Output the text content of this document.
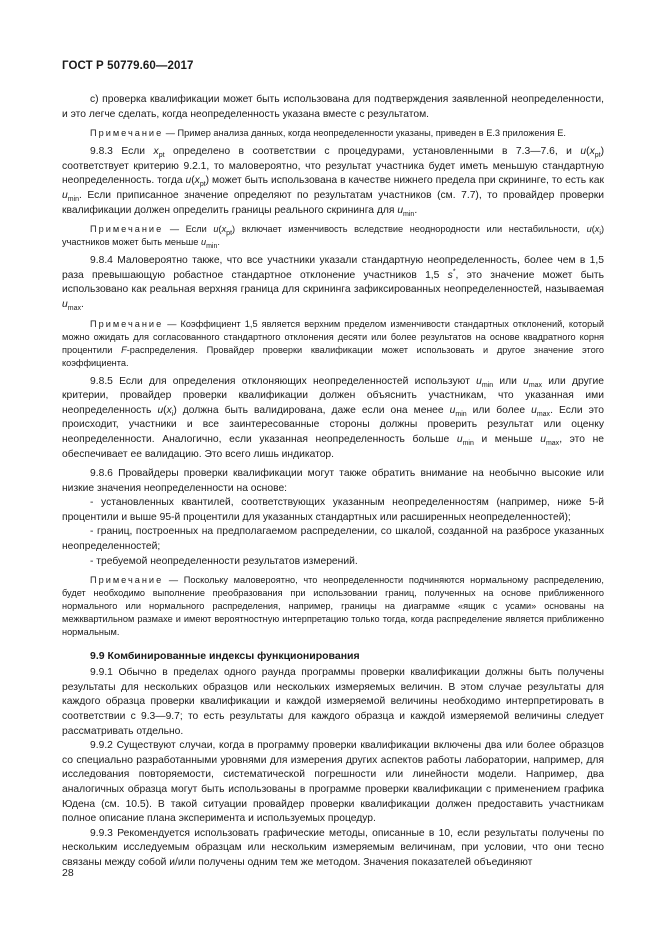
ГОСТ Р 50779.60—2017

с) проверка квалификации может быть использована для подтверждения заявленной неопределенности, и это легче сделать, когда неопределенность указана вместе с результатом.

Примечание — Пример анализа данных, когда неопределенности указаны, приведен в Е.3 приложения Е.

9.8.3 Если $x_{pt}$ определено в соответствии с процедурами, установленными в 7.3—7.6, и $u(x_{pt})$ соответствует критерию 9.2.1, то маловероятно, что результат участника будет иметь меньшую стандартную неопределенность. тогда $u(x_{pt})$ может быть использована в качестве нижнего предела при скрининге, то есть как $u_{min}$. Если приписанное значение определяют по результатам участников (см. 7.7), то провайдер проверки квалификации должен определить границы реального скрининга для $u_{min}$.

Примечание — Если $u(x_{pt})$ включает изменчивость вследствие неоднородности или нестабильности, $u(x_i)$ участников может быть меньше $u_{min}$.

9.8.4 Маловероятно также, что все участники указали стандартную неопределенность, более чем в 1,5 раза превышающую робастное стандартное отклонение участников 1,5 s*, это значение может быть использовано как реальная верхняя граница для скрининга зафиксированных неопределенностей, называемая $u_{max}$.

Примечание — Коэффициент 1,5 является верхним пределом изменчивости стандартных отклонений, который можно ожидать для согласованного стандартного отклонения десяти или более результатов на основе квадратного корня процентили F-распределения. Провайдер проверки квалификации может использовать и другое значение этого коэффициента.

9.8.5 Если для определения отклоняющих неопределенностей используют $u_{min}$ или $u_{max}$ или другие критерии, провайдер проверки квалификации должен объяснить участникам, что указанная ими неопределенность $u(x_i)$ должна быть валидирована, даже если она менее $u_{min}$ или более $u_{max}$. Если это происходит, участники и все заинтересованные стороны должны проверить результат или оценку неопределенности. Аналогично, если указанная неопределенность больше $u_{min}$ и меньше $u_{max}$, это не обеспечивает ее валидацию. Это всего лишь индикатор.

9.8.6 Провайдеры проверки квалификации могут также обратить внимание на необычно высокие или низкие значения неопределенности на основе:

- установленных квантилей, соответствующих указанным неопределенностям (например, ниже 5-й процентили и выше 95-й процентили для указанных стандартных или расширенных неопределенностей);

- границ, построенных на предполагаемом распределении, со шкалой, созданной на разбросе указанных неопределенностей;

- требуемой неопределенности результатов измерений.

Примечание — Поскольку маловероятно, что неопределенности подчиняются нормальному распределению, будет необходимо выполнение преобразования при использовании границ, полученных на основе приближенного нормального или нормального распределения, например, границы на диаграмме «ящик с усами» основаны на межквартильном размахе и имеют вероятностную интерпретацию только тогда, когда распределение является приближенно нормальным.

9.9 Комбинированные индексы функционирования

9.9.1 Обычно в пределах одного раунда программы проверки квалификации должны быть получены результаты для нескольких образцов или нескольких измеряемых величин. В этом случае результаты для каждого образца проверки квалификации и каждой измеряемой величины необходимо интерпретировать в соответствии с 9.3—9.7; то есть результаты для каждого образца и каждой измеряемой величины следует рассматривать отдельно.

9.9.2 Существуют случаи, когда в программу проверки квалификации включены два или более образцов со специально разработанными уровнями для измерения других аспектов работы лаборатории, например, для исследования повторяемости, систематической погрешности или линейности модели. Например, два аналогичных образца могут быть использованы в программе проверки квалификации с применением графика Юдена (см. 10.5). В такой ситуации провайдер проверки квалификации должен предоставить участникам полное описание плана эксперимента и используемых процедур.

9.9.3 Рекомендуется использовать графические методы, описанные в 10, если результаты получены по нескольким исследуемым образцам или нескольким измеряемым величинам, при условии, что они тесно связаны между собой и/или получены одним тем же методом. Значения показателей объединяют

28
